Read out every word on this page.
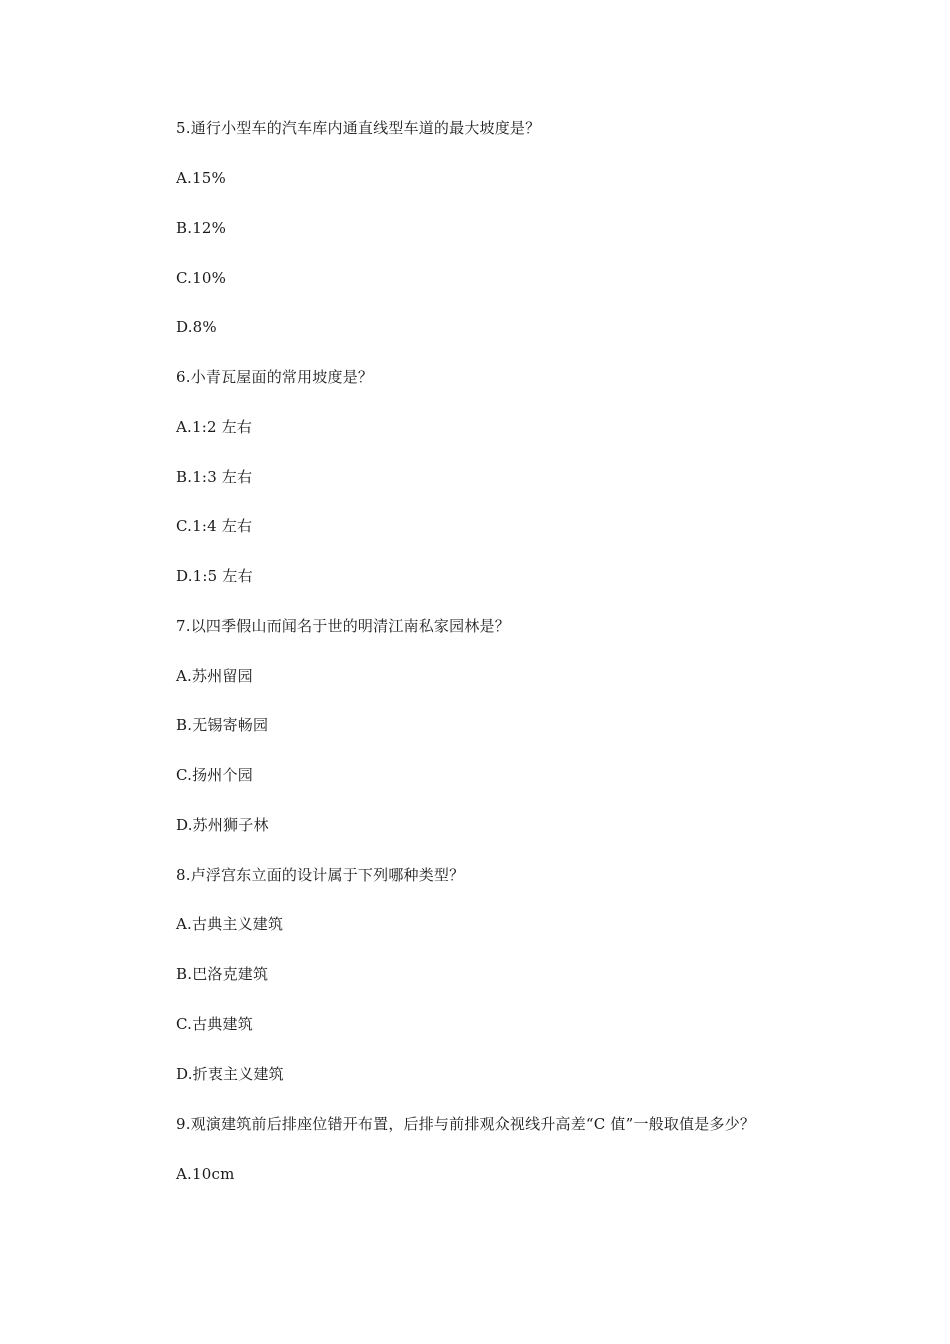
5.通行小型车的汽车库内通直线型车道的最大坡度是？
A.15%
B.12%
C.10%
D.8%
6.小青瓦屋面的常用坡度是？
A.1:2 左右
B.1:3 左右
C.1:4 左右
D.1:5 左右
7.以四季假山而闻名于世的明清江南私家园林是？
A.苏州留园
B.无锡寄畅园
C.扬州个园
D.苏州狮子林
8.卢浮宫东立面的设计属于下列哪种类型？
A.古典主义建筑
B.巴洛克建筑
C.古典建筑
D.折衷主义建筑
9.观演建筑前后排座位错开布置，后排与前排观众视线升高差“C 值”一般取值是多少？
A.10cm
